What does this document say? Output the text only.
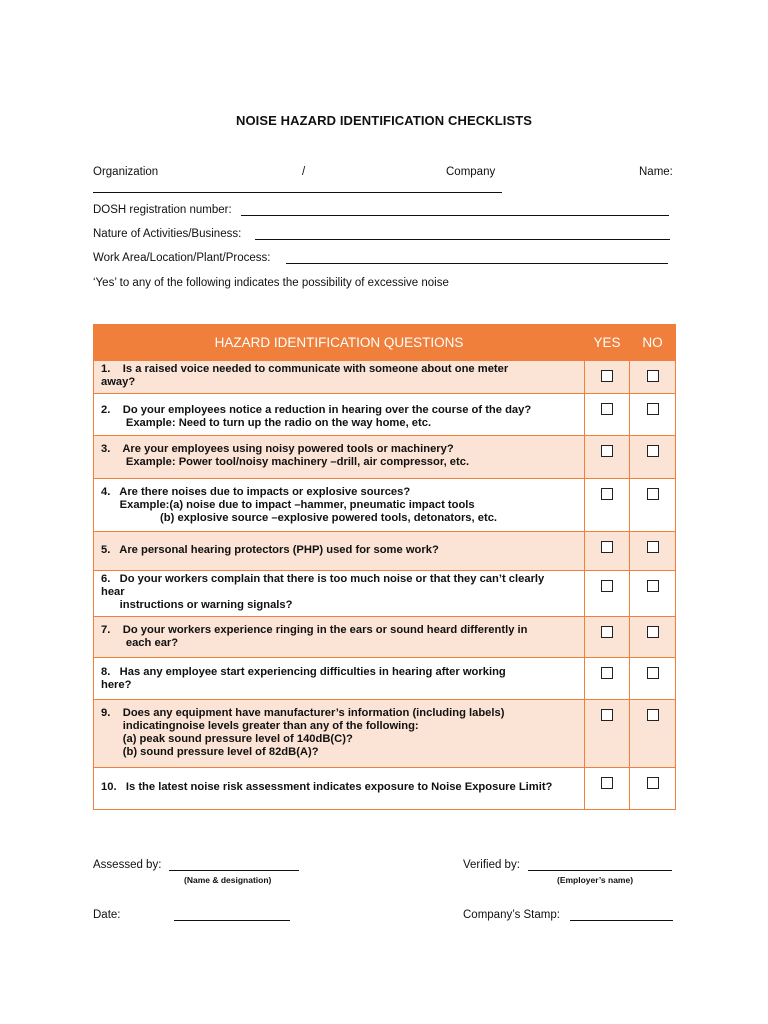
NOISE HAZARD IDENTIFICATION CHECKLISTS
Organization	/	Company	Name:
DOSH registration number:
Nature of Activities/Business:
Work Area/Location/Plant/Process:
‘Yes’ to any of the following indicates the possibility of excessive noise
HAZARD IDENTIFICATION QUESTIONS	YES	NO

1.    Is a raised voice needed to communicate with someone about one meter
away?		

2.    Do your employees notice a reduction in hearing over the course of the day?
Example: Need to turn up the radio on the way home, etc.		

3.    Are your employees using noisy powered tools or machinery?
Example: Power tool/noisy machinery –drill, air compressor, etc.		

4.   Are there noises due to impacts or explosive sources?
Example:(a) noise due to impact –hammer, pneumatic impact tools
(b) explosive source –explosive powered tools, detonators, etc.		

5.   Are personal hearing protectors (PHP) used for some work?		

6.   Do your workers complain that there is too much noise or that they can’t clearly
hear
instructions or warning signals?		

7.    Do your workers experience ringing in the ears or sound heard differently in
each ear?		

8.   Has any employee start experiencing difficulties in hearing after working
here?		

9.    Does any equipment have manufacturer’s information (including labels)
indicatingnoise levels greater than any of the following:
(a) peak sound pressure level of 140dB(C)?
(b) sound pressure level of 82dB(A)?		

10.   Is the latest noise risk assessment indicates exposure to Noise Exposure Limit?		

Assessed by:
(Name & designation)
Verified by:
(Employer’s name)
Date:	Company’s Stamp:
